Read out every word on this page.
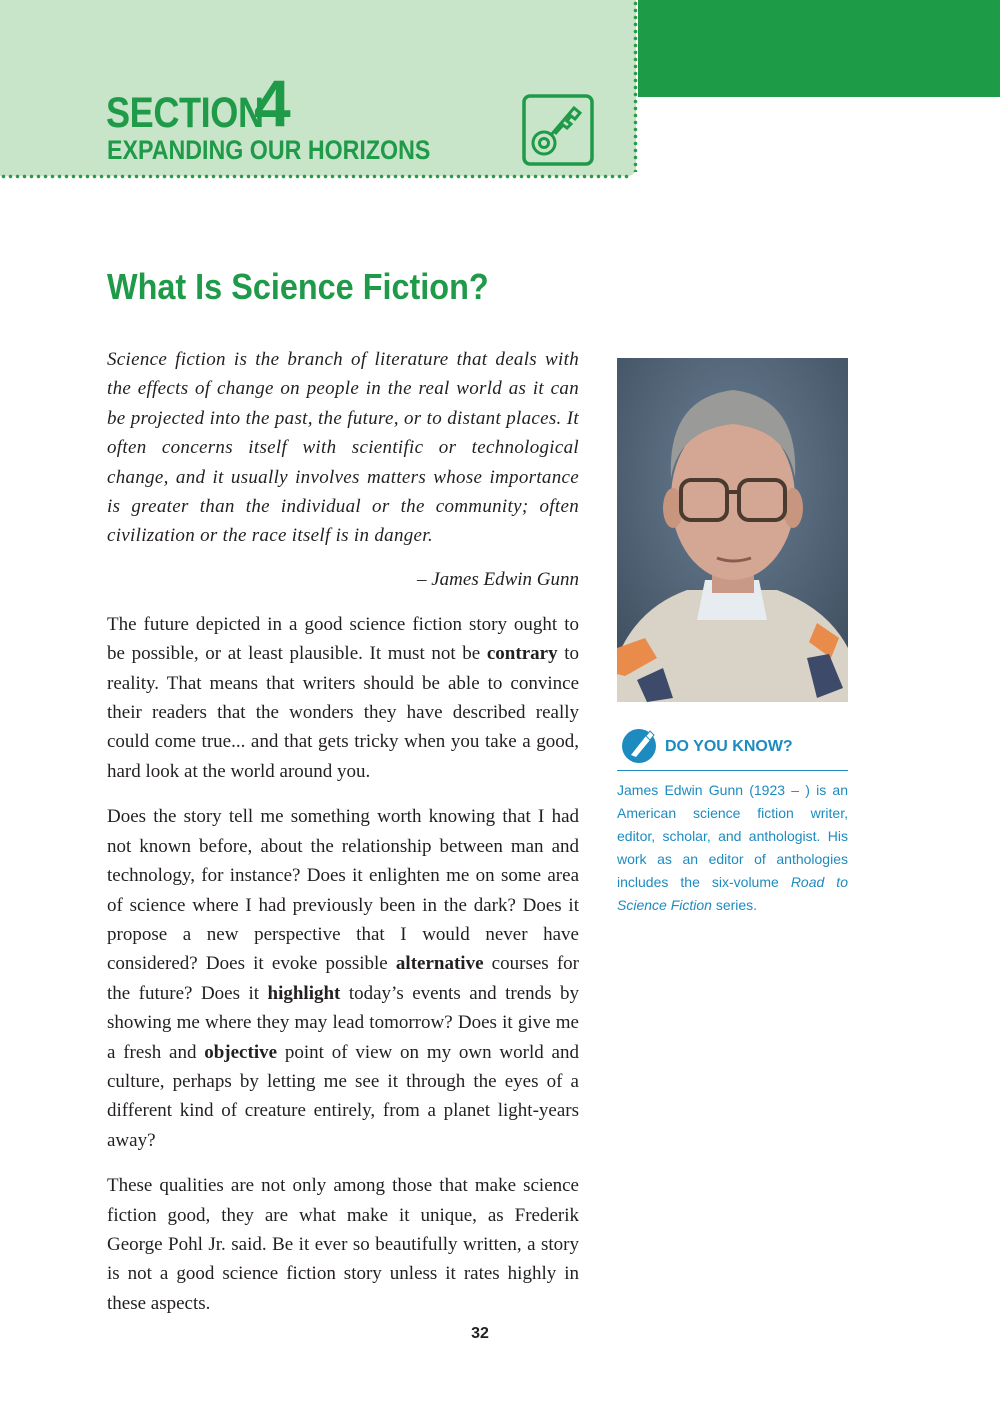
SECTION
4
EXPANDING OUR HORIZONS
What Is Science Fiction?

Science fiction is the branch of literature that deals with the effects of change on people in the real world as it can be projected into the past, the future, or to distant places. It often concerns itself with scientific or technological change, and it usually involves matters whose importance is greater than the individual or the community; often civilization or the race itself is in danger.

– James Edwin Gunn

The future depicted in a good science fiction story ought to be possible, or at least plausible. It must not be contrary to reality. That means that writers should be able to convince their readers that the wonders they have described really could come true... and that gets tricky when you take a good, hard look at the world around you.

Does the story tell me something worth knowing that I had not known before, about the relationship between man and technology, for instance? Does it enlighten me on some area of science where I had previously been in the dark? Does it propose a new perspective that I would never have considered? Does it evoke possible alternative courses for the future? Does it highlight today’s events and trends by showing me where they may lead tomorrow? Does it give me a fresh and objective point of view on my own world and culture, perhaps by letting me see it through the eyes of a different kind of creature entirely, from a planet light-years away?

These qualities are not only among those that make science fiction good, they are what make it unique, as Frederik George Pohl Jr. said. Be it ever so beautifully written, a story is not a good science fiction story unless it rates highly in these aspects.

DO YOU KNOW?

James Edwin Gunn (1923 – ) is an American science fiction writer, editor, scholar, and anthologist. His work as an editor of anthologies includes the six-volume Road to Science Fiction series.

32
